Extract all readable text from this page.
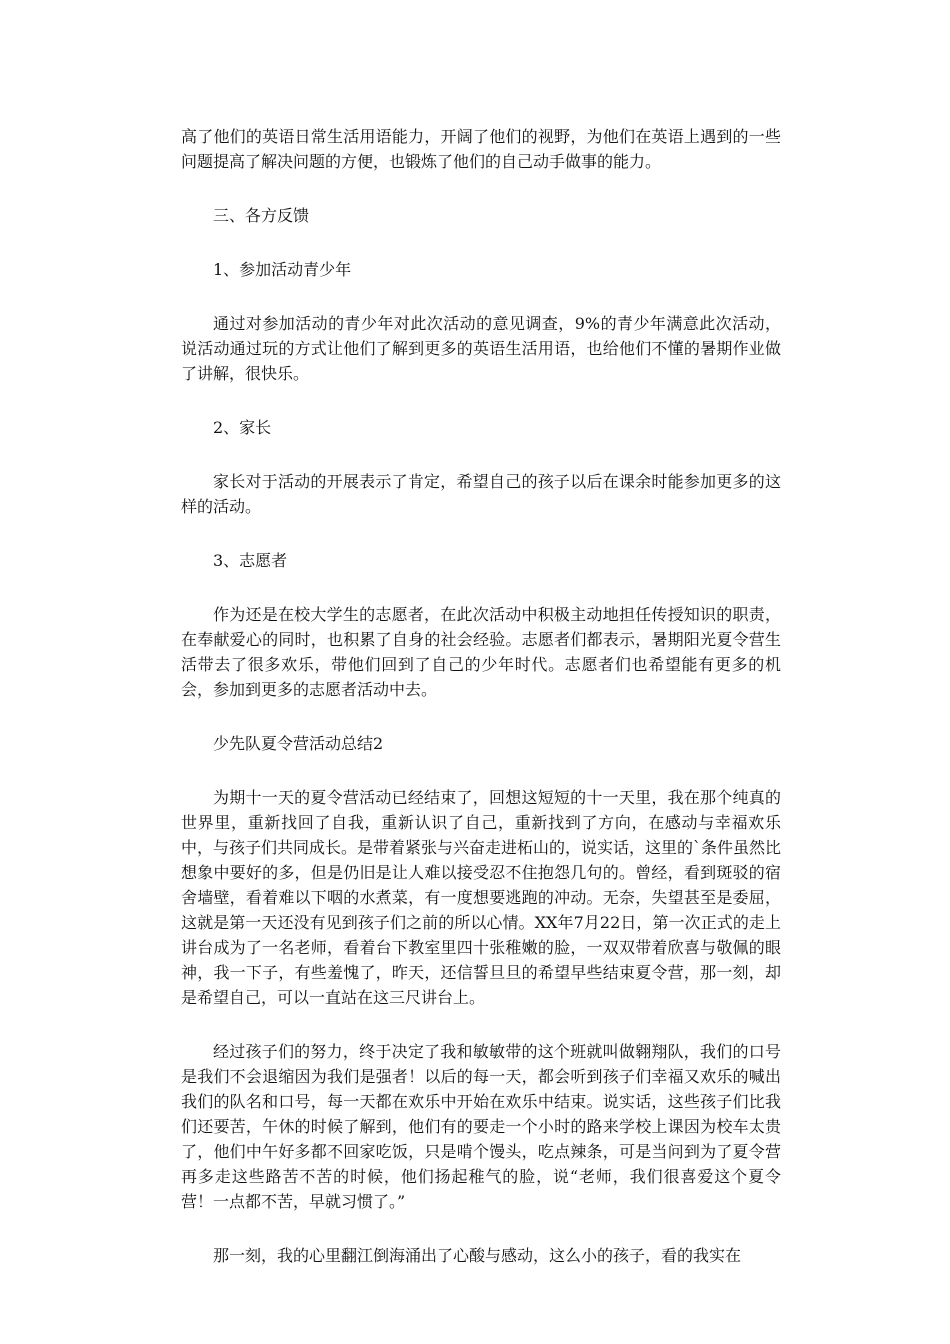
高了他们的英语日常生活用语能力，开阔了他们的视野，为他们在英语上遇到的一些问题提高了解决问题的方便，也锻炼了他们的自己动手做事的能力。

三、各方反馈

1、参加活动青少年

通过对参加活动的青少年对此次活动的意见调查，9%的青少年满意此次活动，说活动通过玩的方式让他们了解到更多的英语生活用语，也给他们不懂的暑期作业做了讲解，很快乐。

2、家长

家长对于活动的开展表示了肯定，希望自己的孩子以后在课余时能参加更多的这样的活动。

3、志愿者

作为还是在校大学生的志愿者，在此次活动中积极主动地担任传授知识的职责，在奉献爱心的同时，也积累了自身的社会经验。志愿者们都表示，暑期阳光夏令营生活带去了很多欢乐，带他们回到了自己的少年时代。志愿者们也希望能有更多的机会，参加到更多的志愿者活动中去。

少先队夏令营活动总结2

为期十一天的夏令营活动已经结束了，回想这短短的十一天里，我在那个纯真的世界里，重新找回了自我，重新认识了自己，重新找到了方向，在感动与幸福欢乐中，与孩子们共同成长。是带着紧张与兴奋走进柘山的，说实话，这里的`条件虽然比想象中要好的多，但是仍旧是让人难以接受忍不住抱怨几句的。曾经，看到斑驳的宿舍墙壁，看着难以下咽的水煮菜，有一度想要逃跑的冲动。无奈，失望甚至是委屈，这就是第一天还没有见到孩子们之前的所以心情。XX年7月22日，第一次正式的走上讲台成为了一名老师，看着台下教室里四十张稚嫩的脸，一双双带着欣喜与敬佩的眼神，我一下子，有些羞愧了，昨天，还信誓旦旦的希望早些结束夏令营，那一刻，却是希望自己，可以一直站在这三尺讲台上。

经过孩子们的努力，终于决定了我和敏敏带的这个班就叫做翱翔队，我们的口号是我们不会退缩因为我们是强者！以后的每一天，都会听到孩子们幸福又欢乐的喊出我们的队名和口号，每一天都在欢乐中开始在欢乐中结束。说实话，这些孩子们比我们还要苦，午休的时候了解到，他们有的要走一个小时的路来学校上课因为校车太贵了，他们中午好多都不回家吃饭，只是啃个馒头，吃点辣条，可是当问到为了夏令营再多走这些路苦不苦的时候，他们扬起稚气的脸，说“老师，我们很喜爱这个夏令营！一点都不苦，早就习惯了。”

那一刻，我的心里翻江倒海涌出了心酸与感动，这么小的孩子，看的我实在
